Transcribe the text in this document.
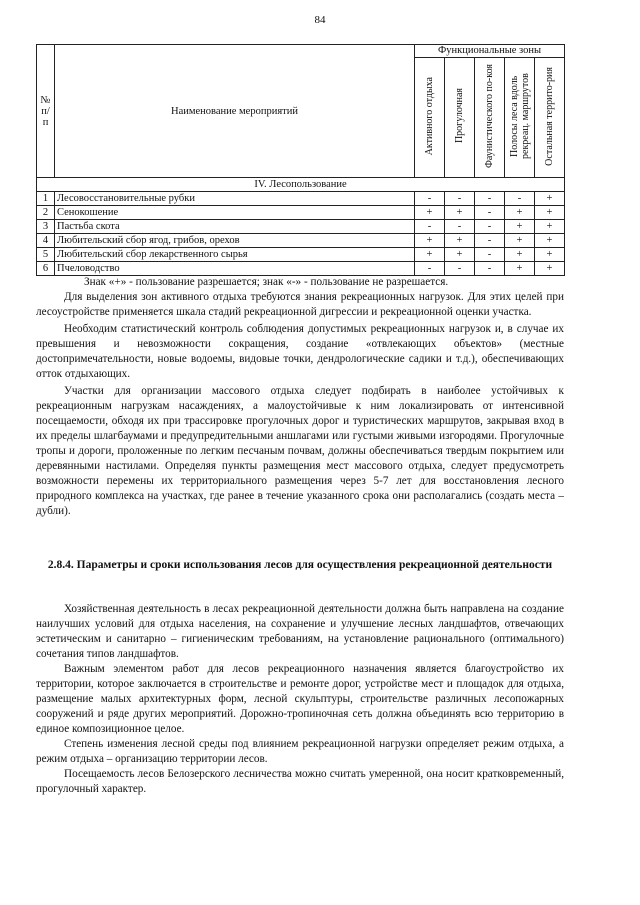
84
№
п/п	Наименование мероприятий	Функциональные зоны				
		Активного отдыха	Прогулочная	Фаунистического по-коя	Полосы леса вдоль рекреац. маршрутов	Остальная террито-рия
IV. Лесопользование						
1	Лесовосстановительные рубки	-	-	-	-	+
2	Сенокошение	+	+	-	+	+
3	Пастьба скота	-	-	-	+	+
4	Любительский сбор ягод, грибов, орехов	+	+	-	+	+
5	Любительский сбор лекарственного сырья	+	+	-	+	+
6	Пчеловодство	-	-	-	+	+

Знак «+» - пользование разрешается; знак «-» - пользование не разрешается.

Для выделения зон активного отдыха требуются знания рекреационных нагрузок. Для этих целей при лесоустройстве применяется шкала стадий рекреационной дигрессии и рекреационной оценки участка.

Необходим статистический контроль соблюдения допустимых рекреационных нагрузок и, в случае их превышения и невозможности сокращения, создание «отвлекающих объектов» (местные достопримечательности, новые водоемы, видовые точки, дендрологические садики и т.д.), обеспечивающих отток отдыхающих.

Участки для организации массового отдыха следует подбирать в наиболее устойчивых к рекреационным нагрузкам насаждениях, а малоустойчивые к ним локализировать от интенсивной посещаемости, обходя их при трассировке прогулочных дорог и туристических маршрутов, закрывая вход в их пределы шлагбаумами и предупредительными аншлагами или густыми живыми изгородями. Прогулочные тропы и дороги, проложенные по легким песчаным почвам, должны обеспечиваться твердым покрытием или деревянными настилами. Определяя пункты размещения мест массового отдыха, следует предусмотреть возможности перемены их территориального размещения через 5-7 лет для восстановления лесного природного комплекса на участках, где ранее в течение указанного срока они располагались (создать места – дубли).

2.8.4. Параметры и сроки использования лесов для осуществления рекреационной деятельности

Хозяйственная деятельность в лесах рекреационной деятельности должна быть направлена на создание наилучших условий для отдыха населения, на сохранение и улучшение лесных ландшафтов, отвечающих эстетическим и санитарно – гигиеническим требованиям, на установление рационального (оптимального) сочетания типов ландшафтов.

Важным элементом работ для лесов рекреационного назначения является благоустройство их территории, которое заключается в строительстве и ремонте дорог, устройстве мест и площадок для отдыха, размещение малых архитектурных форм, лесной скульптуры, строительстве различных лесопожарных сооружений и ряде других мероприятий. Дорожно-тропиночная сеть должна объединять всю территорию в единое композиционное целое.

Степень изменения лесной среды под влиянием рекреационной нагрузки определяет режим отдыха, а режим отдыха – организацию территории лесов.

Посещаемость лесов Белозерского лесничества можно считать умеренной, она носит кратковременный, прогулочный характер.
